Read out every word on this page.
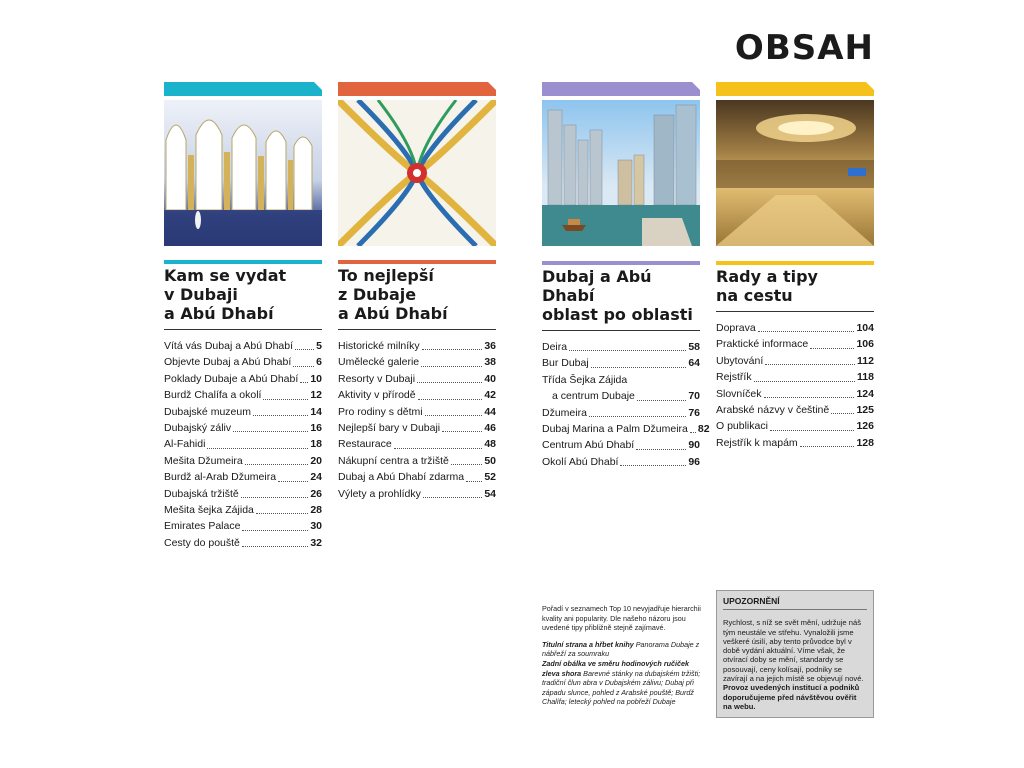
OBSAH
Kam se vydat
v Dubaji
a Abú Dhabí
Vítá vás Dubaj a Abú Dhabí 5
Objevte Dubaj a Abú Dhabí 6
Poklady Dubaje a Abú Dhabí 10
Burdž Chalífa a okolí	12
Dubajské muzeum	14
Dubajský záliv	16
Al-Fahidi	18
Mešita Džumeira	20
Burdž al-Arab Džumeira	24
Dubajská tržiště	26
Mešita šejka Zájida	28
Emirates Palace	30
Cesty do pouště	32
To nejlepší
z Dubaje
a Abú Dhabí
Historické milníky	36
Umělecké galerie	38
Resorty v Dubaji	40
Aktivity v přírodě	42
Pro rodiny s dětmi	44
Nejlepší bary v Dubaji	46
Restaurace	48
Nákupní centra a tržiště	50
Dubaj a Abú Dhabí zdarma 52
Výlety a prohlídky	54
Dubaj a Abú Dhabí
oblast po oblasti
Deira	58
Bur Dubaj	64
Třída Šejka Zájida
a centrum Dubaje	70
Džumeira	76
Dubaj Marina a Palm Džumeira 82
Centrum Abú Dhabí	90
Okolí Abú Dhabí	96
Rady a tipy
na cestu
Doprava	104
Praktické informace	106
Ubytování	112
Rejstřík	118
Slovníček	124
Arabské názvy v češtině	125
O publikaci	126
Rejstřík k mapám	128

Pořadí v seznamech Top 10 nevyjadřuje hierarchii kvality ani popularity. Dle našeho názoru jsou uvedené tipy přibližně stejně zajímavé.

Titulní strana a hřbet knihy Panorama Dubaje z nábřeží za soumraku
Zadní obálka ve směru hodinových ručiček zleva shora Barevné stánky na dubajském tržišti; tradiční člun abra v Dubajském zálivu; Dubaj při západu slunce, pohled z Arabské pouště; Burdž Chalífa; letecký pohled na pobřeží Dubaje

UPOZORNĚNÍ
Rychlost, s níž se svět mění, udržuje náš tým neustále ve střehu. Vynaložili jsme veškeré úsilí, aby tento průvodce byl v době vydání aktuální. Víme však, že otvírací doby se mění, standardy se posouvají, ceny kolísají, podniky se zavírají a na jejich místě se objevují nové. Provoz uvedených institucí a podniků doporučujeme před návštěvou ověřit na webu.
